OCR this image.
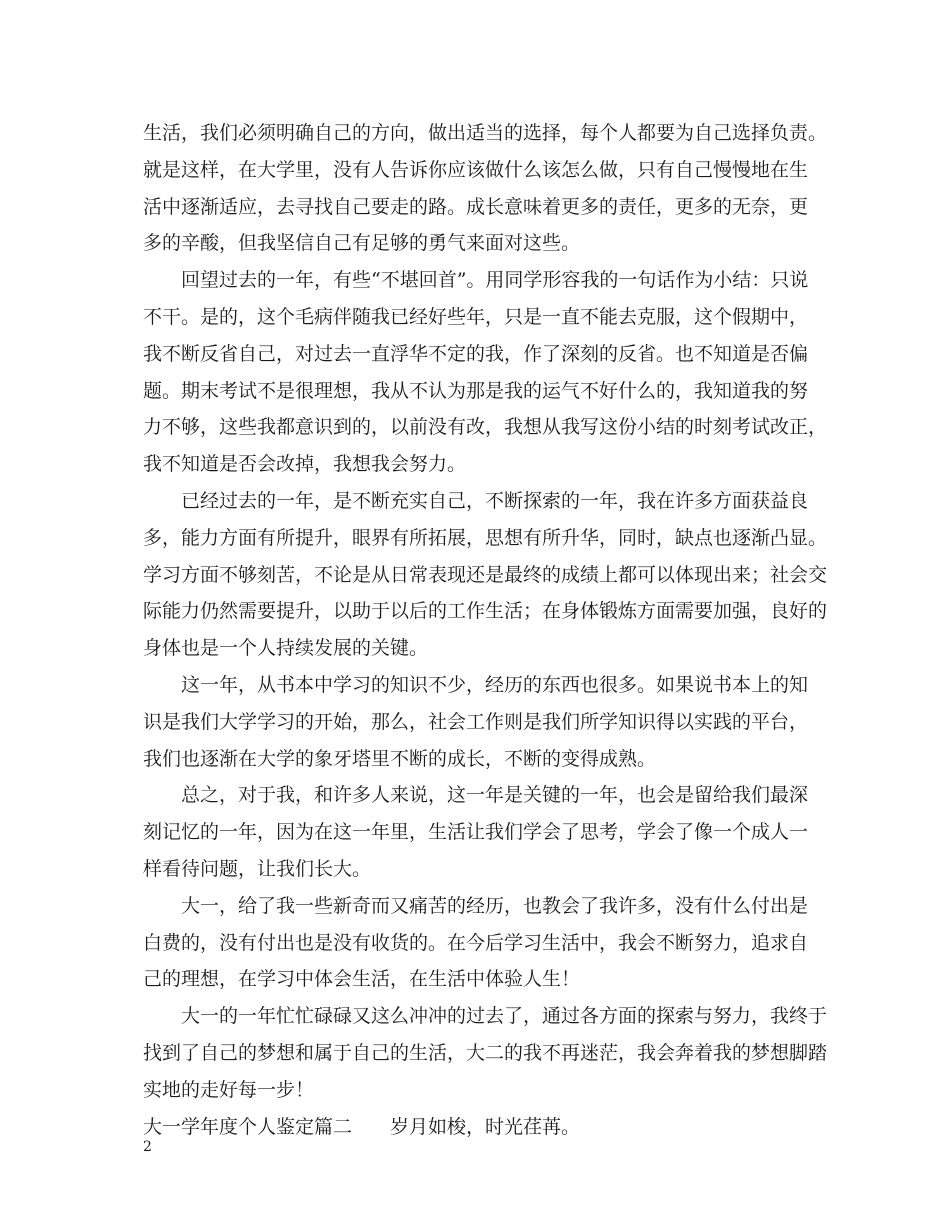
生活，我们必须明确自己的方向，做出适当的选择，每个人都要为自己选择负责。
就是这样，在大学里，没有人告诉你应该做什么该怎么做，只有自己慢慢地在生
活中逐渐适应，去寻找自己要走的路。成长意味着更多的责任，更多的无奈，更
多的辛酸，但我坚信自己有足够的勇气来面对这些。
回望过去的一年，有些“不堪回首”。用同学形容我的一句话作为小结：只说
不干。是的，这个毛病伴随我已经好些年，只是一直不能去克服，这个假期中，
我不断反省自己，对过去一直浮华不定的我，作了深刻的反省。也不知道是否偏
题。期末考试不是很理想，我从不认为那是我的运气不好什么的，我知道我的努
力不够，这些我都意识到的，以前没有改，我想从我写这份小结的时刻考试改正，
我不知道是否会改掉，我想我会努力。
已经过去的一年，是不断充实自己，不断探索的一年，我在许多方面获益良
多，能力方面有所提升，眼界有所拓展，思想有所升华，同时，缺点也逐渐凸显。
学习方面不够刻苦，不论是从日常表现还是最终的成绩上都可以体现出来；社会交
际能力仍然需要提升，以助于以后的工作生活；在身体锻炼方面需要加强，良好的
身体也是一个人持续发展的关键。
这一年，从书本中学习的知识不少，经历的东西也很多。如果说书本上的知
识是我们大学学习的开始，那么，社会工作则是我们所学知识得以实践的平台，
我们也逐渐在大学的象牙塔里不断的成长，不断的变得成熟。
总之，对于我，和许多人来说，这一年是关键的一年，也会是留给我们最深
刻记忆的一年，因为在这一年里，生活让我们学会了思考，学会了像一个成人一
样看待问题，让我们长大。
大一，给了我一些新奇而又痛苦的经历，也教会了我许多，没有什么付出是
白费的，没有付出也是没有收货的。在今后学习生活中，我会不断努力，追求自
己的理想，在学习中体会生活，在生活中体验人生！
大一的一年忙忙碌碌又这么冲冲的过去了，通过各方面的探索与努力，我终于
找到了自己的梦想和属于自己的生活，大二的我不再迷茫，我会奔着我的梦想脚踏
实地的走好每一步！
大一学年度个人鉴定篇二　　岁月如梭，时光荏苒。
2
